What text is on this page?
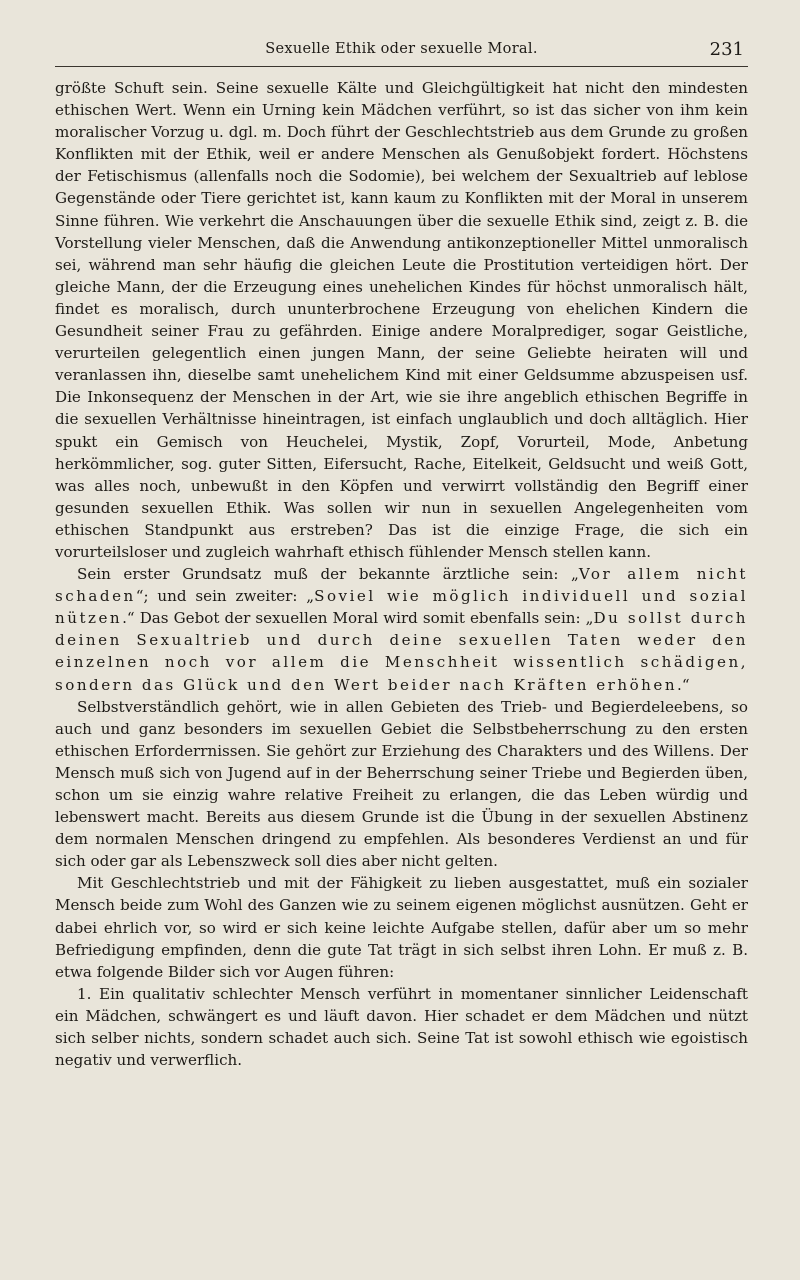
Sexuelle Ethik oder sexuelle Moral.	231

größte Schuft sein. Seine sexuelle Kälte und Gleichgültigkeit hat nicht den mindesten ethischen Wert. Wenn ein Urning kein Mädchen verführt, so ist das sicher von ihm kein moralischer Vorzug u. dgl. m. Doch führt der Geschlechtstrieb aus dem Grunde zu großen Konflikten mit der Ethik, weil er andere Menschen als Genußobjekt fordert. Höchstens der Fetischismus (allenfalls noch die Sodomie), bei welchem der Sexualtrieb auf leblose Gegenstände oder Tiere gerichtet ist, kann kaum zu Konflikten mit der Moral in unserem Sinne führen. Wie verkehrt die Anschauungen über die sexuelle Ethik sind, zeigt z. B. die Vorstellung vieler Menschen, daß die Anwendung antikonzeptioneller Mittel unmoralisch sei, während man sehr häufig die gleichen Leute die Prostitution verteidigen hört. Der gleiche Mann, der die Erzeugung eines unehelichen Kindes für höchst unmoralisch hält, findet es moralisch, durch ununterbrochene Erzeugung von ehelichen Kindern die Gesundheit seiner Frau zu gefährden. Einige andere Moralprediger, sogar Geistliche, verurteilen gelegentlich einen jungen Mann, der seine Geliebte heiraten will und veranlassen ihn, dieselbe samt unehelichem Kind mit einer Geldsumme abzuspeisen usf. Die Inkonsequenz der Menschen in der Art, wie sie ihre angeblich ethischen Begriffe in die sexuellen Verhältnisse hineintragen, ist einfach unglaublich und doch alltäglich. Hier spukt ein Gemisch von Heuchelei, Mystik, Zopf, Vorurteil, Mode, Anbetung herkömmlicher, sog. guter Sitten, Eifersucht, Rache, Eitelkeit, Geldsucht und weiß Gott, was alles noch, unbewußt in den Köpfen und verwirrt vollständig den Begriff einer gesunden sexuellen Ethik. Was sollen wir nun in sexuellen Angelegenheiten vom ethischen Standpunkt aus erstreben? Das ist die einzige Frage, die sich ein vorurteilsloser und zugleich wahrhaft ethisch fühlender Mensch stellen kann.

Sein erster Grundsatz muß der bekannte ärztliche sein: „Vor allem nicht schaden“; und sein zweiter: „Soviel wie möglich individuell und sozial nützen.“ Das Gebot der sexuellen Moral wird somit ebenfalls sein: „Du sollst durch deinen Sexualtrieb und durch deine sexuellen Taten weder den einzelnen noch vor allem die Menschheit wissentlich schädigen, sondern das Glück und den Wert beider nach Kräften erhöhen.“

Selbstverständlich gehört, wie in allen Gebieten des Trieb- und Begierdeleebens, so auch und ganz besonders im sexuellen Gebiet die Selbstbeherrschung zu den ersten ethischen Erforderrnissen. Sie gehört zur Erziehung des Charakters und des Willens. Der Mensch muß sich von Jugend auf in der Beherrschung seiner Triebe und Begierden üben, schon um sie einzig wahre relative Freiheit zu erlangen, die das Leben würdig und lebenswert macht. Bereits aus diesem Grunde ist die Übung in der sexuellen Abstinenz dem normalen Menschen dringend zu empfehlen. Als besonderes Verdienst an und für sich oder gar als Lebenszweck soll dies aber nicht gelten.

Mit Geschlechtstrieb und mit der Fähigkeit zu lieben ausgestattet, muß ein sozialer Mensch beide zum Wohl des Ganzen wie zu seinem eigenen möglichst ausnützen. Geht er dabei ehrlich vor, so wird er sich keine leichte Aufgabe stellen, dafür aber um so mehr Befriedigung empfinden, denn die gute Tat trägt in sich selbst ihren Lohn. Er muß z. B. etwa folgende Bilder sich vor Augen führen:

1. Ein qualitativ schlechter Mensch verführt in momentaner sinnlicher Leidenschaft ein Mädchen, schwängert es und läuft davon. Hier schadet er dem Mädchen und nützt sich selber nichts, sondern schadet auch sich. Seine Tat ist sowohl ethisch wie egoistisch negativ und verwerflich.
